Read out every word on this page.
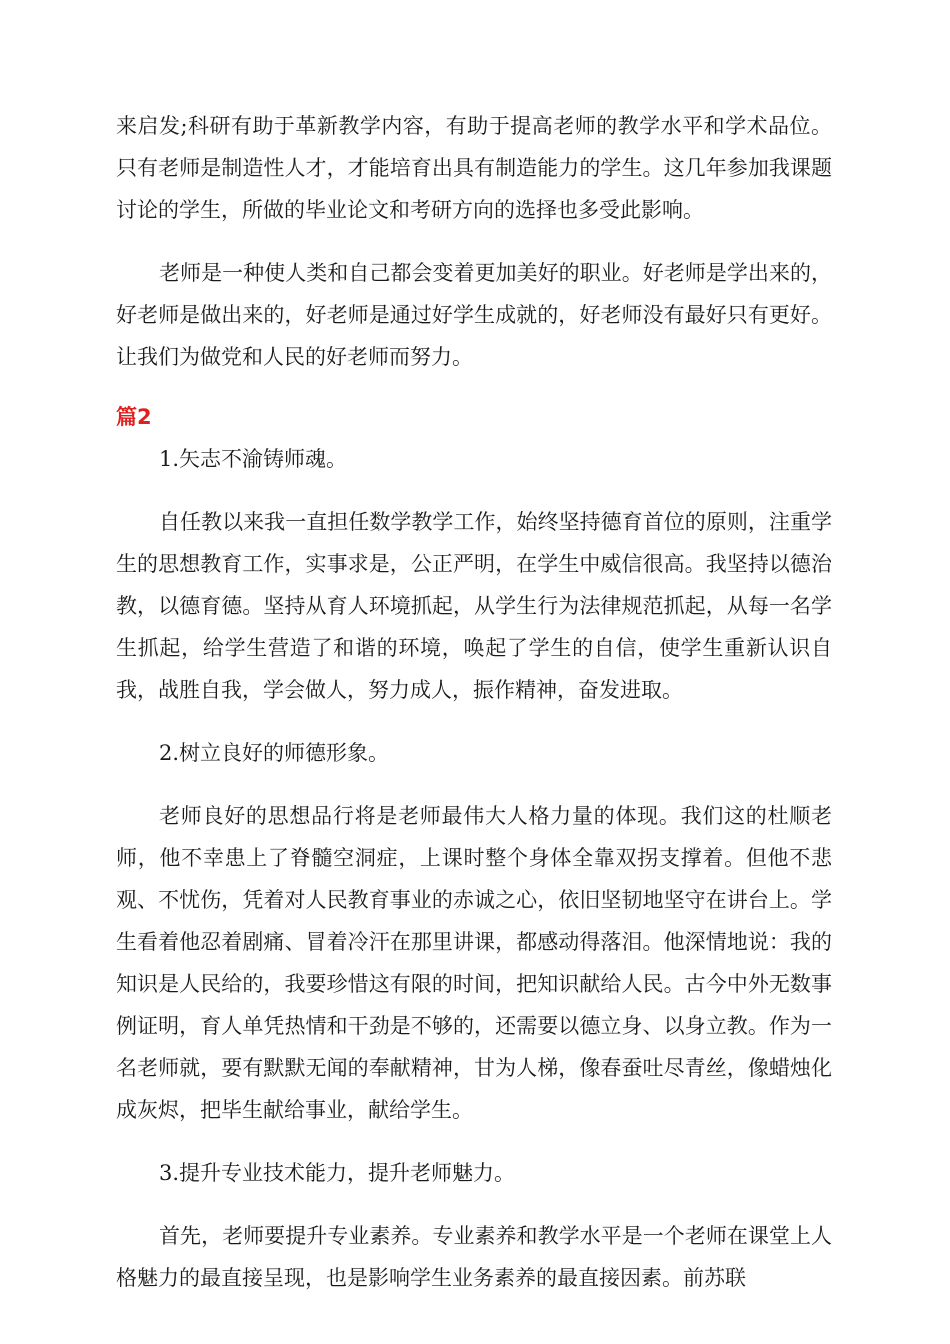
来启发;科研有助于革新教学内容，有助于提高老师的教学水平和学术品位。只有老师是制造性人才，才能培育出具有制造能力的学生。这几年参加我课题讨论的学生，所做的毕业论文和考研方向的选择也多受此影响。

老师是一种使人类和自己都会变着更加美好的职业。好老师是学出来的，好老师是做出来的，好老师是通过好学生成就的，好老师没有最好只有更好。让我们为做党和人民的好老师而努力。

篇2

1.矢志不渝铸师魂。

自任教以来我一直担任数学教学工作，始终坚持德育首位的原则，注重学生的思想教育工作，实事求是，公正严明，在学生中威信很高。我坚持以德治教，以德育德。坚持从育人环境抓起，从学生行为法律规范抓起，从每一名学生抓起，给学生营造了和谐的环境，唤起了学生的自信，使学生重新认识自我，战胜自我，学会做人，努力成人，振作精神，奋发进取。

2.树立良好的师德形象。

老师良好的思想品行将是老师最伟大人格力量的体现。我们这的杜顺老师，他不幸患上了脊髓空洞症，上课时整个身体全靠双拐支撑着。但他不悲观、不忧伤，凭着对人民教育事业的赤诚之心，依旧坚韧地坚守在讲台上。学生看着他忍着剧痛、冒着冷汗在那里讲课，都感动得落泪。他深情地说：我的知识是人民给的，我要珍惜这有限的时间，把知识献给人民。古今中外无数事例证明，育人单凭热情和干劲是不够的，还需要以德立身、以身立教。作为一名老师就，要有默默无闻的奉献精神，甘为人梯，像春蚕吐尽青丝，像蜡烛化成灰烬，把毕生献给事业，献给学生。

3.提升专业技术能力，提升老师魅力。

首先，老师要提升专业素养。专业素养和教学水平是一个老师在课堂上人格魅力的最直接呈现，也是影响学生业务素养的最直接因素。前苏联
